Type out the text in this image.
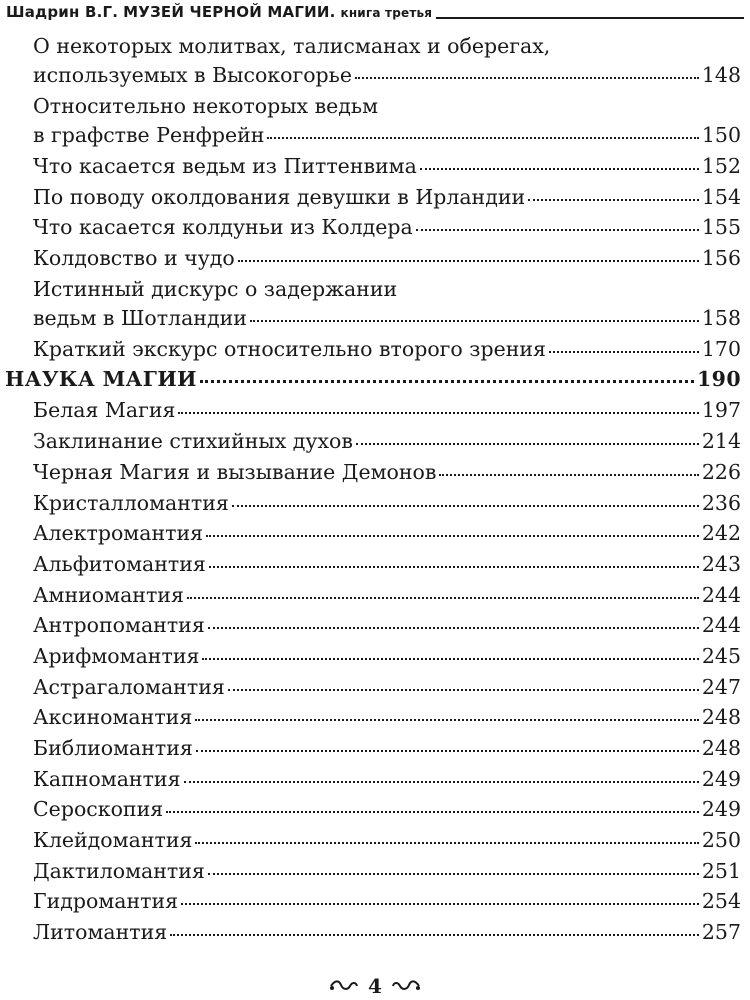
Шадрин В.Г. МУЗЕЙ ЧЕРНОЙ МАГИИ. книга третья
О некоторых молитвах, талисманах и оберегах,
используемых в Высокогорье	148
Относительно некоторых ведьм
в графстве Ренфрейн	150
Что касается ведьм из Питтенвима	152
По поводу околдования девушки в Ирландии	154
Что касается колдуньи из Колдера	155
Колдовство и чудо	156
Истинный дискурс о задержании
ведьм в Шотландии	158
Краткий экскурс относительно второго зрения	170
НАУКА МАГИИ	190
Белая Магия	197
Заклинание стихийных духов	214
Черная Магия и вызывание Демонов	226
Кристалломантия	236
Алектромантия	242
Альфитомантия	243
Амниомантия	244
Антропомантия	244
Арифмомантия	245
Астрагаломантия	247
Аксиномантия	248
Библиомантия	248
Капномантия	249
Сероскопия	249
Клейдомантия	250
Дактиломантия	251
Гидромантия	254
Литомантия	257
4
